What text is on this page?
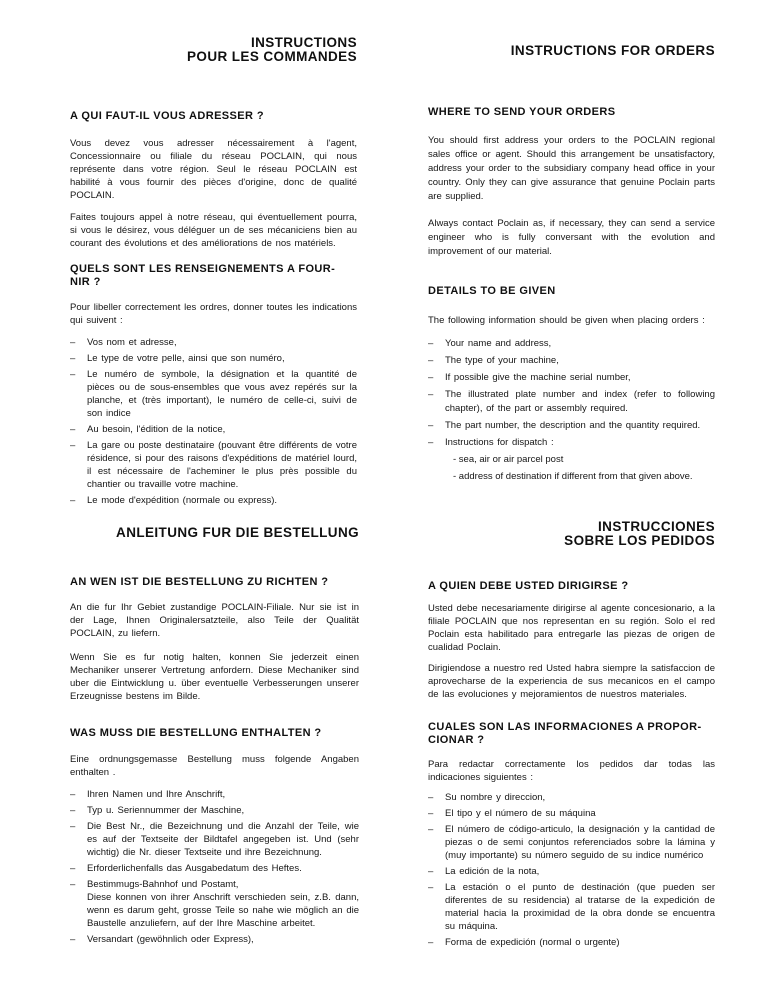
INSTRUCTIONS
POUR LES COMMANDES
A QUI FAUT-IL VOUS ADRESSER ?
Vous devez vous adresser nécessairement à l'agent, Concessionnaire ou filiale du réseau POCLAIN, qui nous représente dans votre région. Seul le réseau POCLAIN est habilité à vous fournir des pièces d'origine, donc de qualité POCLAIN.
Faites toujours appel à notre réseau, qui éventuellement pourra, si vous le désirez, vous déléguer un de ses mécaniciens bien au courant des évolutions et des améliorations de nos matériels.
QUELS SONT LES RENSEIGNEMENTS A FOUR-
NIR ?
Pour libeller correctement les ordres, donner toutes les indications qui suivent :
– Vos nom et adresse,
– Le type de votre pelle, ainsi que son numéro,
– Le numéro de symbole, la désignation et la quantité de pièces ou de sous-ensembles que vous avez repérés sur la planche, et (très important), le numéro de celle-ci, suivi de son indice
– Au besoin, l'édition de la notice,
– La gare ou poste destinataire (pouvant être différents de votre résidence, si pour des raisons d'expéditions de matériel lourd, il est nécessaire de l'acheminer le plus près possible du chantier ou travaille votre machine.
– Le mode d'expédition (normale ou express).
INSTRUCTIONS FOR ORDERS
WHERE TO SEND YOUR ORDERS
You should first address your orders to the POCLAIN regional sales office or agent. Should this arrangement be unsatisfactory, address your order to the subsidiary company head office in your country. Only they can give assurance that genuine Poclain parts are supplied.
Always contact Poclain as, if necessary, they can send a service engineer who is fully conversant with the evolution and improvement of our material.
DETAILS TO BE GIVEN
The following information should be given when placing orders :
– Your name and address,
– The type of your machine,
– If possible give the machine serial number,
– The illustrated plate number and index (refer to following chapter), of the part or assembly required.
– The part number, the description and the quantity required.
– Instructions for dispatch :
- sea, air or air parcel post
- address of destination if different from that given above.
ANLEITUNG FUR DIE BESTELLUNG
AN WEN IST DIE BESTELLUNG ZU RICHTEN ?
An die fur Ihr Gebiet zustandige POCLAIN-Filiale. Nur sie ist in der Lage, Ihnen Originalersatzteile, also Teile der Qualität POCLAIN, zu liefern.
Wenn Sie es fur notig halten, konnen Sie jederzeit einen Mechaniker unserer Vertretung anfordern. Diese Mechaniker sind uber die Eintwicklung u. über eventuelle Verbesserungen unserer Erzeugnisse bestens im Bilde.
WAS MUSS DIE BESTELLUNG ENTHALTEN ?
Eine ordnungsgemasse Bestellung muss folgende Angaben enthalten .
– Ihren Namen und Ihre Anschrift,
– Typ u. Seriennummer der Maschine,
– Die Best Nr., die Bezeichnung und die Anzahl der Teile, wie es auf der Textseite der Bildtafel angegeben ist. Und (sehr wichtig) die Nr. dieser Textseite und ihre Bezeichnung.
– Erforderlichenfalls das Ausgabedatum des Heftes.
– Bestimmugs-Bahnhof und Postamt,
Diese konnen von ihrer Anschrift verschieden sein, z.B. dann, wenn es darum geht, grosse Teile so nahe wie möglich an die Baustelle anzuliefern, auf der Ihre Maschine arbeitet.
– Versandart (gewöhnlich oder Express),
INSTRUCCIONES
SOBRE LOS PEDIDOS
A QUIEN DEBE USTED DIRIGIRSE ?
Usted debe necesariamente dirigirse al agente concesionario, a la filiale POCLAIN que nos representan en su región. Solo el red Poclain esta habilitado para entregarle las piezas de origen de cualidad Poclain.
Dirigiendose a nuestro red Usted habra siempre la satisfaccion de aprovecharse de la experiencia de sus mecanicos en el campo de las evoluciones y mejoramientos de nuestros materiales.
CUALES SON LAS INFORMACIONES A PROPOR-
CIONAR ?
Para redactar correctamente los pedidos dar todas las indicaciones siguientes :
– Su nombre y direccion,
– El tipo y el número de su máquina
– El número de código-articulo, la designación y la cantidad de piezas o de semi conjuntos referenciados sobre la lámina y (muy importante) su número seguido de su indice numérico
– La edición de la nota,
– La estación o el punto de destinación (que pueden ser diferentes de su residencia) al tratarse de la expedición de material hacia la proximidad de la obra donde se encuentra su máquina.
– Forma de expedición (normal o urgente)
